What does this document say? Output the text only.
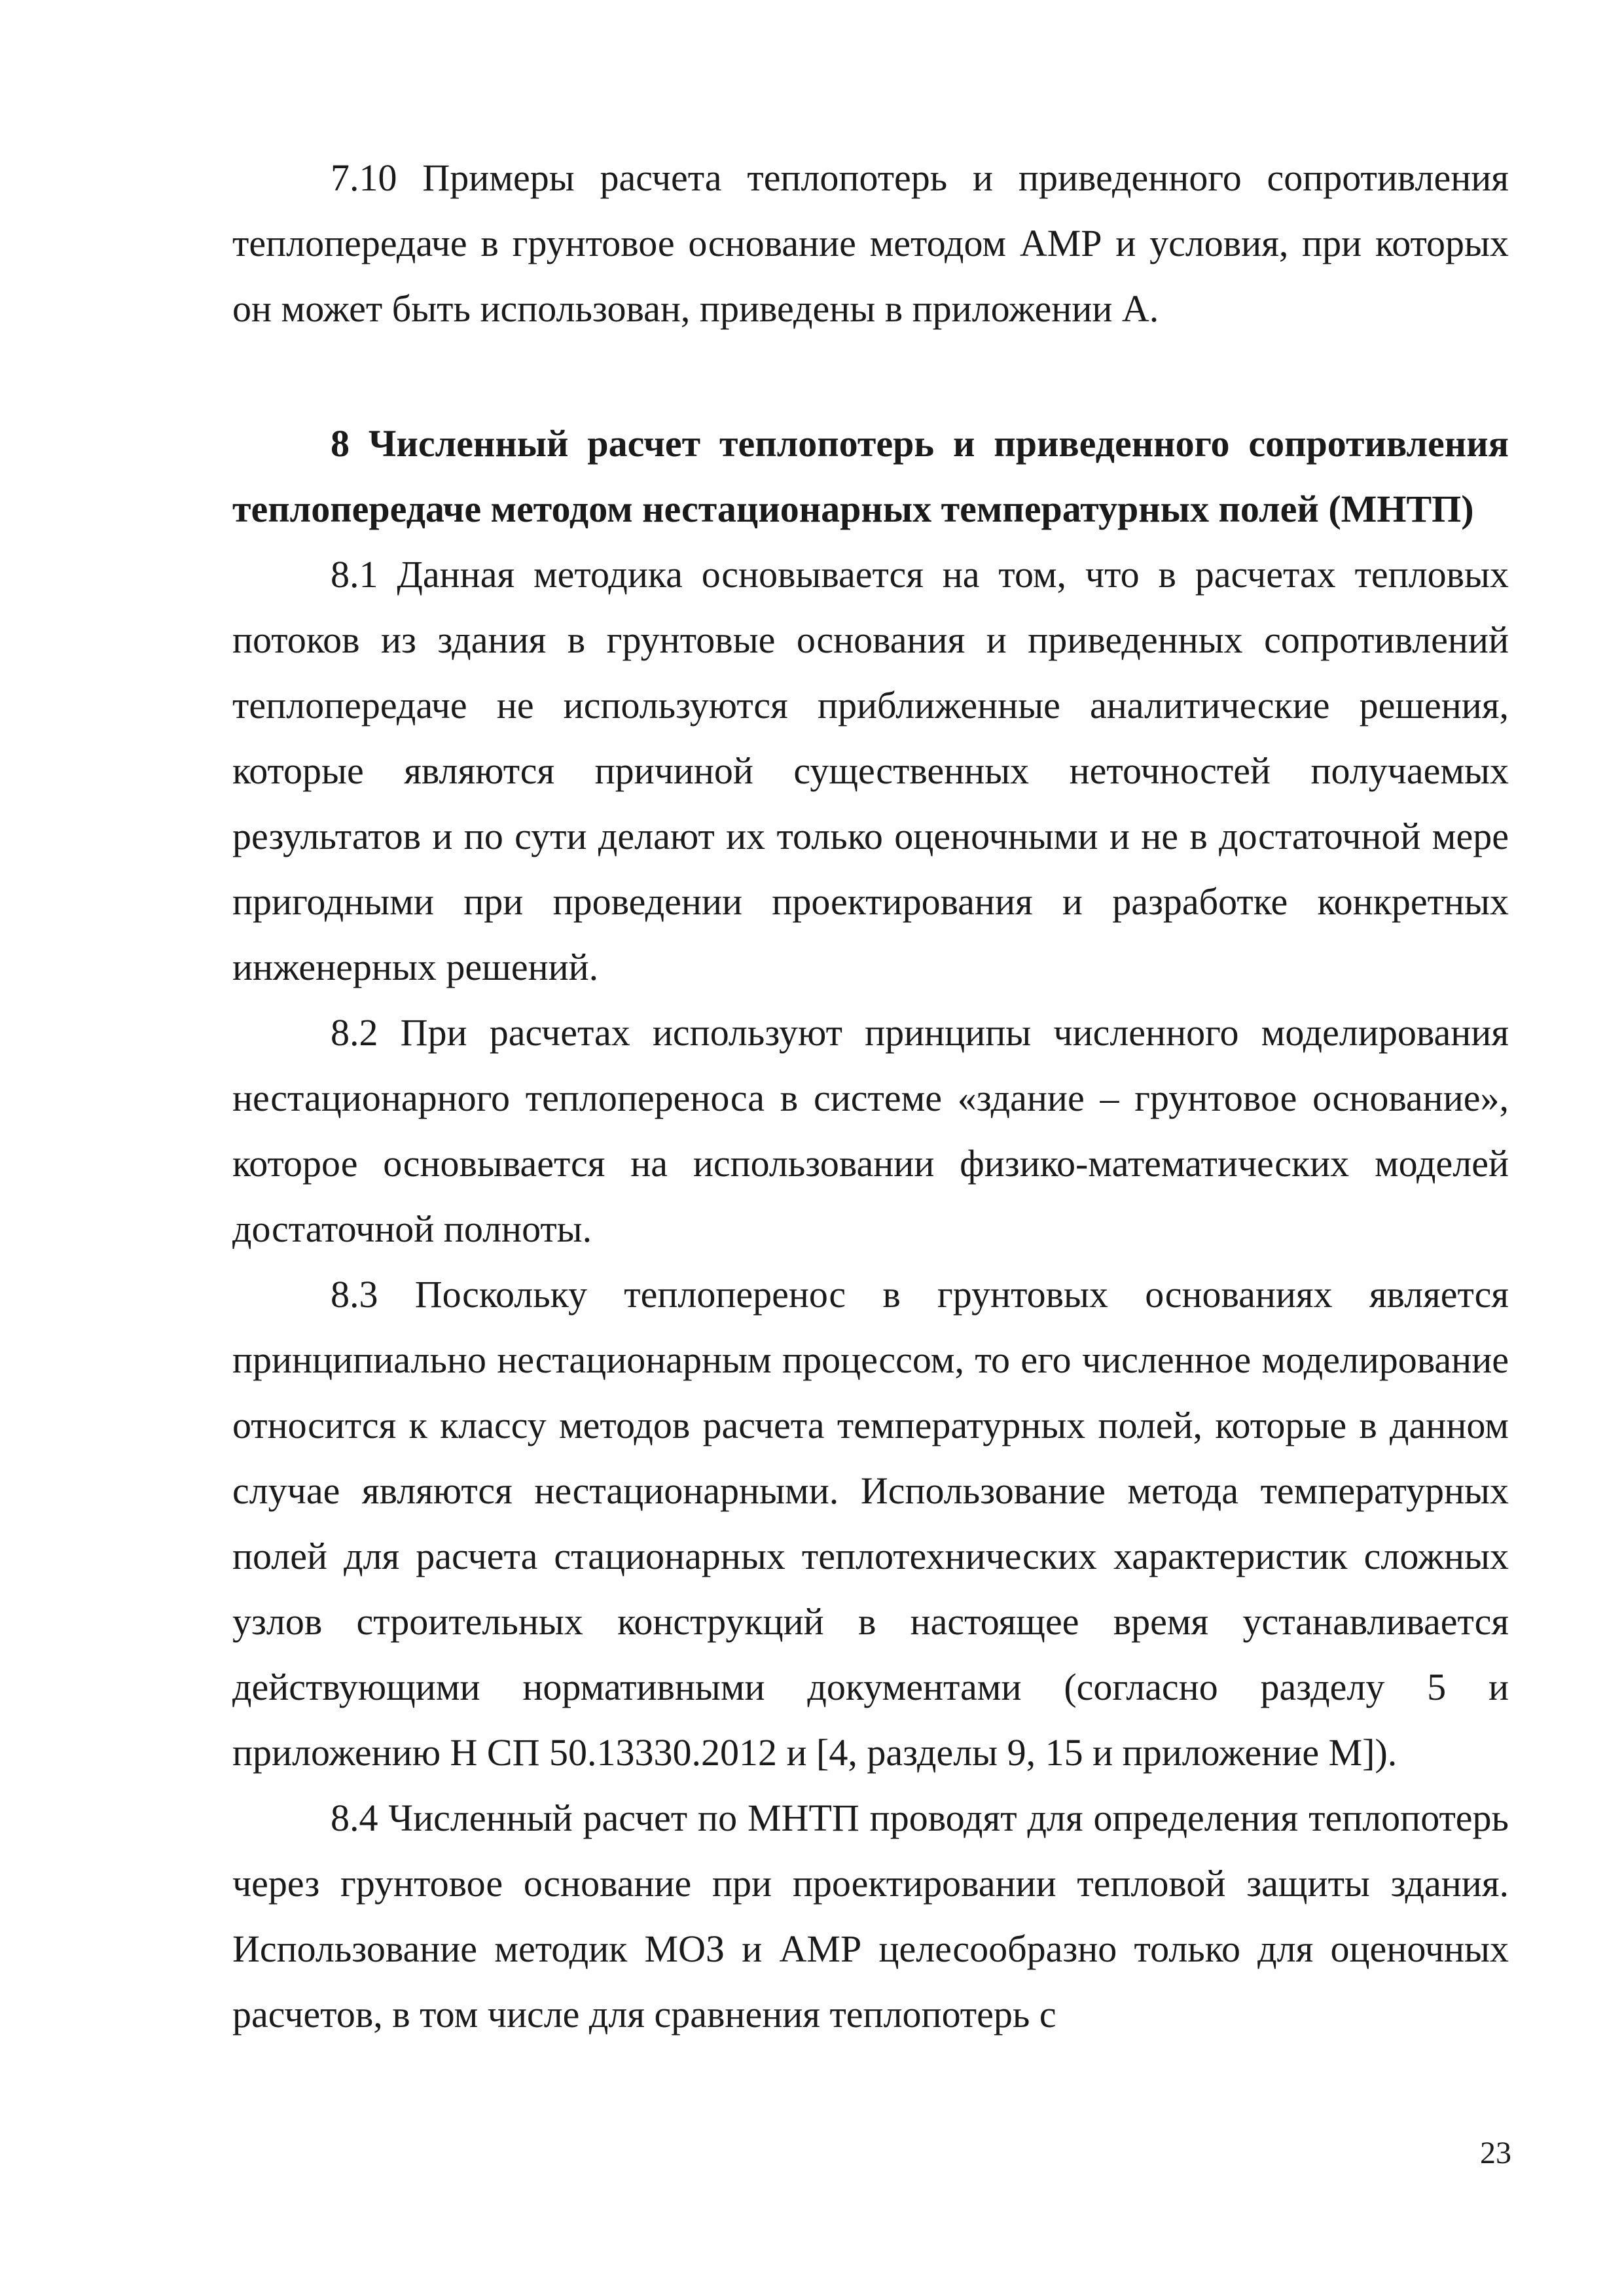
7.10 Примеры расчета теплопотерь и приведенного сопротивления теплопередаче в грунтовое основание методом АМР и условия, при которых он может быть использован, приведены в приложении А.

8 Численный расчет теплопотерь и приведенного сопротивления теплопередаче методом нестационарных температурных полей (МНТП)

8.1 Данная методика основывается на том, что в расчетах тепловых потоков из здания в грунтовые основания и приведенных сопротивлений теплопередаче не используются приближенные аналитические решения, которые являются причиной существенных неточностей получаемых результатов и по сути делают их только оценочными и не в достаточной мере пригодными при проведении проектирования и разработке конкретных инженерных решений.

8.2 При расчетах используют принципы численного моделирования нестационарного теплопереноса в системе «здание – грунтовое основание», которое основывается на использовании физико-математических моделей достаточной полноты.

8.3 Поскольку теплоперенос в грунтовых основаниях является принципиально нестационарным процессом, то его численное моделирование относится к классу методов расчета температурных полей, которые в данном случае являются нестационарными. Использование метода температурных полей для расчета стационарных теплотехнических характеристик сложных узлов строительных конструкций в настоящее время устанавливается действующими нормативными документами (согласно разделу 5 и приложению Н СП 50.13330.2012 и [4, разделы 9, 15 и приложение М]).

8.4 Численный расчет по МНТП проводят для определения теплопотерь через грунтовое основание при проектировании тепловой защиты здания. Использование методик МОЗ и АМР целесообразно только для оценочных расчетов, в том числе для сравнения теплопотерь с

23
